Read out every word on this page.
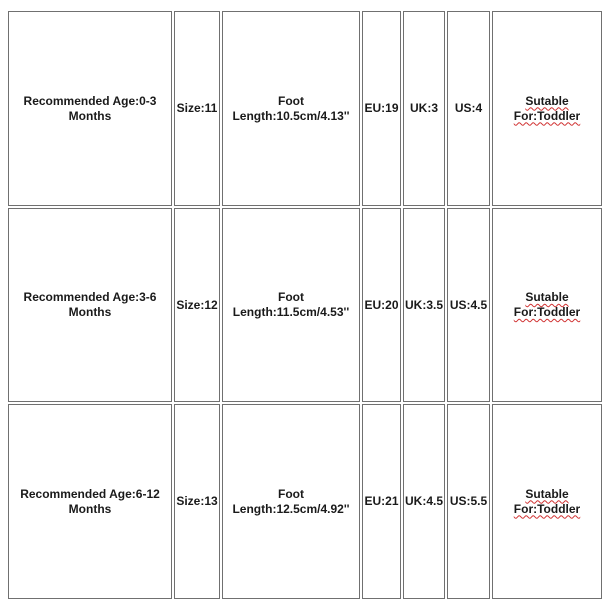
Recommended Age:0-3
Months
Size:11
Foot
Length:10.5cm/4.13''
EU:19 UK:3 US:4
Sutable
For:Toddler
Recommended Age:3-6
Months
Size:12
Foot
Length:11.5cm/4.53''
EU:20 UK:3.5 US:4.5
Sutable
For:Toddler
Recommended Age:6-12
Months
Size:13
Foot
Length:12.5cm/4.92''
EU:21 UK:4.5 US:5.5
Sutable
For:Toddler
